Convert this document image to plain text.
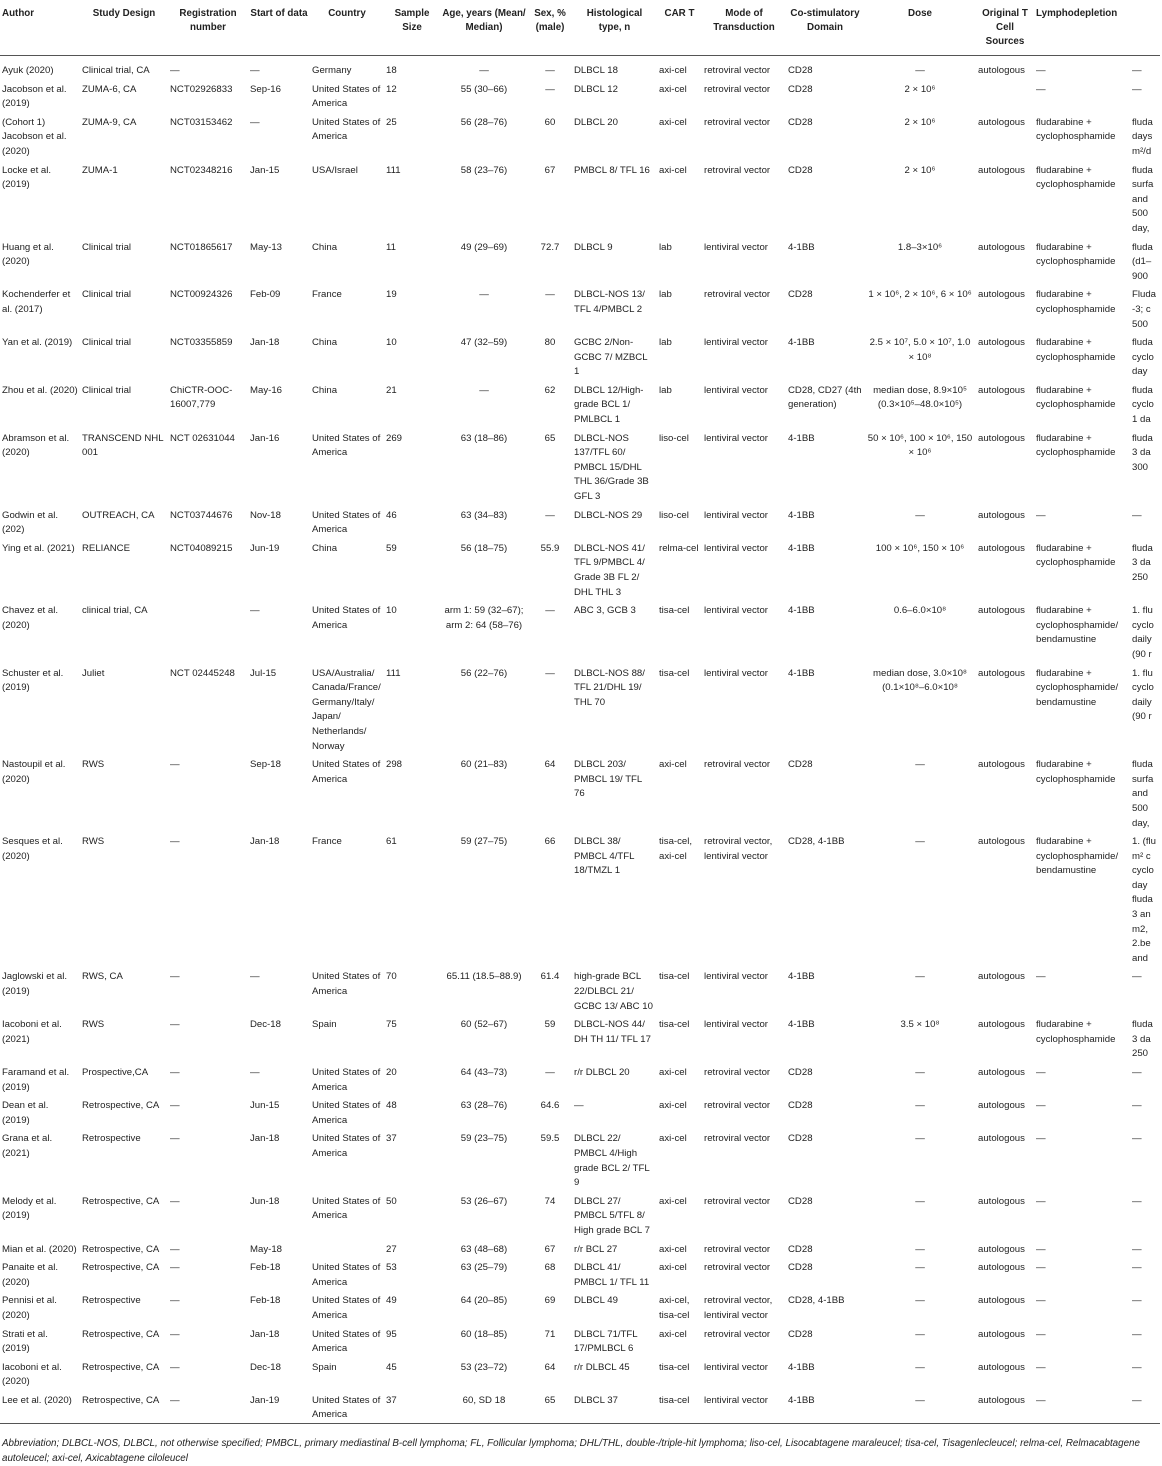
Author	Study Design	Registration number	Start of data	Country	Sample Size	Age, years (Mean/ Median)	Sex, % (male)	Histological type, n	CAR T	Mode of Transduction	Co-stimulatory Domain	Dose	Original T Cell Sources	Lymphodepletion	
Ayuk (2020)	Clinical trial, CA	—	—	Germany	18	—	—	DLBCL 18	axi-cel	retroviral vector	CD28	—	autologous	—	—
Jacobson et al. (2019)	ZUMA-6, CA	NCT02926833	Sep-16	United States of America	12	55 (30–66)	—	DLBCL 12	axi-cel	retroviral vector	CD28	2 × 10⁶		—	—
(Cohort 1) Jacobson et al. (2020)	ZUMA-9, CA	NCT03153462	—	United States of America	25	56 (28–76)	60	DLBCL 20	axi-cel	retroviral vector	CD28	2 × 10⁶	autologous	fludarabine + cyclophosphamide	fluda days m²/d
Locke et al. (2019)	ZUMA-1	NCT02348216	Jan-15	USA/Israel	111	58 (23–76)	67	PMBCL 8/ TFL 16	axi-cel	retroviral vector	CD28	2 × 10⁶	autologous	fludarabine + cyclophosphamide	fluda surfa and 500 day,
Huang et al. (2020)	Clinical trial	NCT01865617	May-13	China	11	49 (29–69)	72.7	DLBCL 9	lab	lentiviral vector	4-1BB	1.8–3×10⁶	autologous	fludarabine + cyclophosphamide	fluda (d1– 900
Kochenderfer et al. (2017)	Clinical trial	NCT00924326	Feb-09	France	19	—	—	DLBCL-NOS 13/ TFL 4/PMBCL 2	lab	retroviral vector	CD28	1 × 10⁶, 2 × 10⁶, 6 × 10⁶	autologous	fludarabine + cyclophosphamide	Fluda -3; c 500
Yan et al. (2019)	Clinical trial	NCT03355859	Jan-18	China	10	47 (32–59)	80	GCBC 2/Non-GCBC 7/ MZBCL 1	lab	lentiviral vector	4-1BB	2.5 × 10⁷, 5.0 × 10⁷, 1.0 × 10⁸	autologous	fludarabine + cyclophosphamide	fluda cyclo day
Zhou et al. (2020)	Clinical trial	ChiCTR-OOC-16007,779	May-16	China	21	—	62	DLBCL 12/High-grade BCL 1/ PMLBCL 1	lab	lentiviral vector	CD28, CD27 (4th generation)	median dose, 8.9×10⁵ (0.3×10⁵–48.0×10⁵)	autologous	fludarabine + cyclophosphamide	fluda cyclo 1 da
Abramson et al. (2020)	TRANSCEND NHL 001	NCT 02631044	Jan-16	United States of America	269	63 (18–86)	65	DLBCL-NOS 137/TFL 60/ PMBCL 15/DHL THL 36/Grade 3B GFL 3	liso-cel	lentiviral vector	4-1BB	50 × 10⁶, 100 × 10⁶, 150 × 10⁶	autologous	fludarabine + cyclophosphamide	fluda 3 da 300
Godwin et al. (202)	OUTREACH, CA	NCT03744676	Nov-18	United States of America	46	63 (34–83)	—	DLBCL-NOS 29	liso-cel	lentiviral vector	4-1BB	—	autologous	—	—
Ying et al. (2021)	RELIANCE	NCT04089215	Jun-19	China	59	56 (18–75)	55.9	DLBCL-NOS 41/ TFL 9/PMBCL 4/ Grade 3B FL 2/ DHL THL 3	relma-cel	lentiviral vector	4-1BB	100 × 10⁶, 150 × 10⁶	autologous	fludarabine + cyclophosphamide	fluda 3 da 250
Chavez et al. (2020)	clinical trial, CA		—	United States of America	10	arm 1: 59 (32–67); arm 2: 64 (58–76)	—	ABC 3, GCB 3	tisa-cel	lentiviral vector	4-1BB	0.6–6.0×10⁸	autologous	fludarabine + cyclophosphamide/ bendamustine	1. flu cyclo daily (90 r
Schuster et al. (2019)	Juliet	NCT 02445248	Jul-15	USA/Australia/ Canada/France/ Germany/Italy/ Japan/ Netherlands/ Norway	111	56 (22–76)	—	DLBCL-NOS 88/ TFL 21/DHL 19/ THL 70	tisa-cel	lentiviral vector	4-1BB	median dose, 3.0×10⁸ (0.1×10⁸–6.0×10⁸	autologous	fludarabine + cyclophosphamide/ bendamustine	1. flu cyclo daily (90 r
Nastoupil et al. (2020)	RWS	—	Sep-18	United States of America	298	60 (21–83)	64	DLBCL 203/ PMBCL 19/ TFL 76	axi-cel	retroviral vector	CD28	—	autologous	fludarabine + cyclophosphamide	fluda surfa and 500 day,
Sesques et al. (2020)	RWS	—	Jan-18	France	61	59 (27–75)	66	DLBCL 38/ PMBCL 4/TFL 18/TMZL 1	tisa-cel, axi-cel	retroviral vector, lentiviral vector	CD28, 4-1BB	—	autologous	fludarabine + cyclophosphamide/ bendamustine	1. (flu m² c cyclo day fluda 3 an m2, 2.be and
Jaglowski et al. (2019)	RWS, CA	—	—	United States of America	70	65.11 (18.5–88.9)	61.4	high-grade BCL 22/DLBCL 21/ GCBC 13/ ABC 10	tisa-cel	lentiviral vector	4-1BB	—	autologous	—	—
Iacoboni et al. (2021)	RWS	—	Dec-18	Spain	75	60 (52–67)	59	DLBCL-NOS 44/ DH TH 11/ TFL 17	tisa-cel	lentiviral vector	4-1BB	3.5 × 10⁸	autologous	fludarabine + cyclophosphamide	fluda 3 da 250
Faramand et al. (2019)	Prospective,CA	—	—	United States of America	20	64 (43–73)	—	r/r DLBCL 20	axi-cel	retroviral vector	CD28	—	autologous	—	—
Dean et al. (2019)	Retrospective, CA	—	Jun-15	United States of America	48	63 (28–76)	64.6	—	axi-cel	retroviral vector	CD28	—	autologous	—	—
Grana et al. (2021)	Retrospective	—	Jan-18	United States of America	37	59 (23–75)	59.5	DLBCL 22/ PMBCL 4/High grade BCL 2/ TFL 9	axi-cel	retroviral vector	CD28	—	autologous	—	—
Melody et al. (2019)	Retrospective, CA	—	Jun-18	United States of America	50	53 (26–67)	74	DLBCL 27/ PMBCL 5/TFL 8/ High grade BCL 7	axi-cel	retroviral vector	CD28	—	autologous	—	—
Mian et al. (2020)	Retrospective, CA	—	May-18		27	63 (48–68)	67	r/r BCL 27	axi-cel	retroviral vector	CD28	—	autologous	—	—
Panaite et al. (2020)	Retrospective, CA	—	Feb-18	United States of America	53	63 (25–79)	68	DLBCL 41/ PMBCL 1/ TFL 11	axi-cel	retroviral vector	CD28	—	autologous	—	—
Pennisi et al. (2020)	Retrospective	—	Feb-18	United States of America	49	64 (20–85)	69	DLBCL 49	axi-cel, tisa-cel	retroviral vector, lentiviral vector	CD28, 4-1BB	—	autologous	—	—
Strati et al. (2019)	Retrospective, CA	—	Jan-18	United States of America	95	60 (18–85)	71	DLBCL 71/TFL 17/PMLBCL 6	axi-cel	retroviral vector	CD28	—	autologous	—	—
Iacoboni et al. (2020)	Retrospective, CA	—	Dec-18	Spain	45	53 (23–72)	64	r/r DLBCL 45	tisa-cel	lentiviral vector	4-1BB	—	autologous	—	—
Lee et al. (2020)	Retrospective, CA	—	Jan-19	United States of America	37	60, SD 18	65	DLBCL 37	tisa-cel	lentiviral vector	4-1BB	—	autologous	—	—
Abbreviation; DLBCL-NOS, DLBCL, not otherwise specified; PMBCL, primary mediastinal B-cell lymphoma; FL, Follicular lymphoma; DHL/THL, double-/triple-hit lymphoma; liso-cel, Lisocabtagene maraleucel; tisa-cel, Tisagenlecleucel; relma-cel, Relmacabtagene autoleucel; axi-cel, Axicabtagene ciloleucel
